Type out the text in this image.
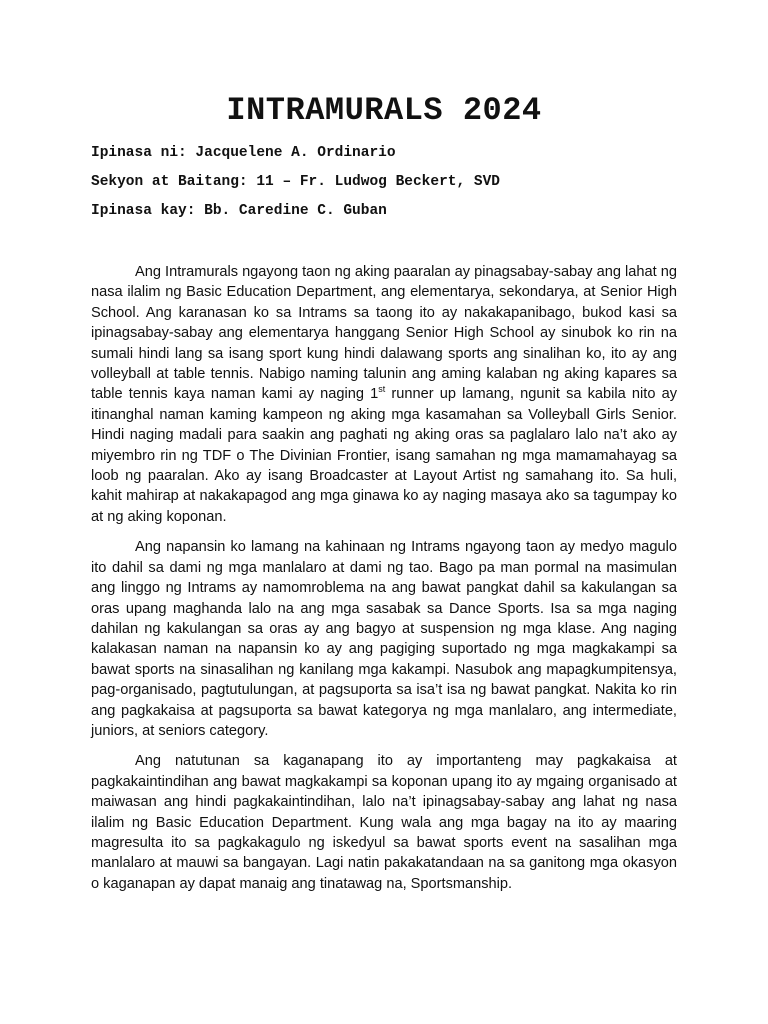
INTRAMURALS 2024
Ipinasa ni: Jacquelene A. Ordinario
Sekyon at Baitang: 11 – Fr. Ludwog Beckert, SVD
Ipinasa kay: Bb. Caredine C. Guban

Ang Intramurals ngayong taon ng aking paaralan ay pinagsabay-sabay ang lahat ng nasa ilalim ng Basic Education Department, ang elementarya, sekondarya, at Senior High School. Ang karanasan ko sa Intrams sa taong ito ay nakakapanibago, bukod kasi sa ipinagsabay-sabay ang elementarya hanggang Senior High School ay sinubok ko rin na sumali hindi lang sa isang sport kung hindi dalawang sports ang sinalihan ko, ito ay ang volleyball at table tennis. Nabigo naming talunin ang aming kalaban ng aking kapares sa table tennis kaya naman kami ay naging 1st runner up lamang, ngunit sa kabila nito ay itinanghal naman kaming kampeon ng aking mga kasamahan sa Volleyball Girls Senior. Hindi naging madali para saakin ang paghati ng aking oras sa paglalaro lalo na’t ako ay miyembro rin ng TDF o The Divinian Frontier, isang samahan ng mga mamamahayag sa loob ng paaralan. Ako ay isang Broadcaster at Layout Artist ng samahang ito. Sa huli, kahit mahirap at nakakapagod ang mga ginawa ko ay naging masaya ako sa tagumpay ko at ng aking koponan.

Ang napansin ko lamang na kahinaan ng Intrams ngayong taon ay medyo magulo ito dahil sa dami ng mga manlalaro at dami ng tao. Bago pa man pormal na masimulan ang linggo ng Intrams ay namomroblema na ang bawat pangkat dahil sa kakulangan sa oras upang maghanda lalo na ang mga sasabak sa Dance Sports. Isa sa mga naging dahilan ng kakulangan sa oras ay ang bagyo at suspension ng mga klase. Ang naging kalakasan naman na napansin ko ay ang pagiging suportado ng mga magkakampi sa bawat sports na sinasalihan ng kanilang mga kakampi. Nasubok ang mapagkumpitensya, pag-organisado, pagtutulungan, at pagsuporta sa isa’t isa ng bawat pangkat. Nakita ko rin ang pagkakaisa at pagsuporta sa bawat kategorya ng mga manlalaro, ang intermediate, juniors, at seniors category.

Ang natutunan sa kaganapang ito ay importanteng may pagkakaisa at pagkakaintindihan ang bawat magkakampi sa koponan upang ito ay mgaing organisado at maiwasan ang hindi pagkakaintindihan, lalo na’t ipinagsabay-sabay ang lahat ng nasa ilalim ng Basic Education Department. Kung wala ang mga bagay na ito ay maaring magresulta ito sa pagkakagulo ng iskedyul sa bawat sports event na sasalihan mga manlalaro at mauwi sa bangayan. Lagi natin pakakatandaan na sa ganitong mga okasyon o kaganapan ay dapat manaig ang tinatawag na, Sportsmanship.
